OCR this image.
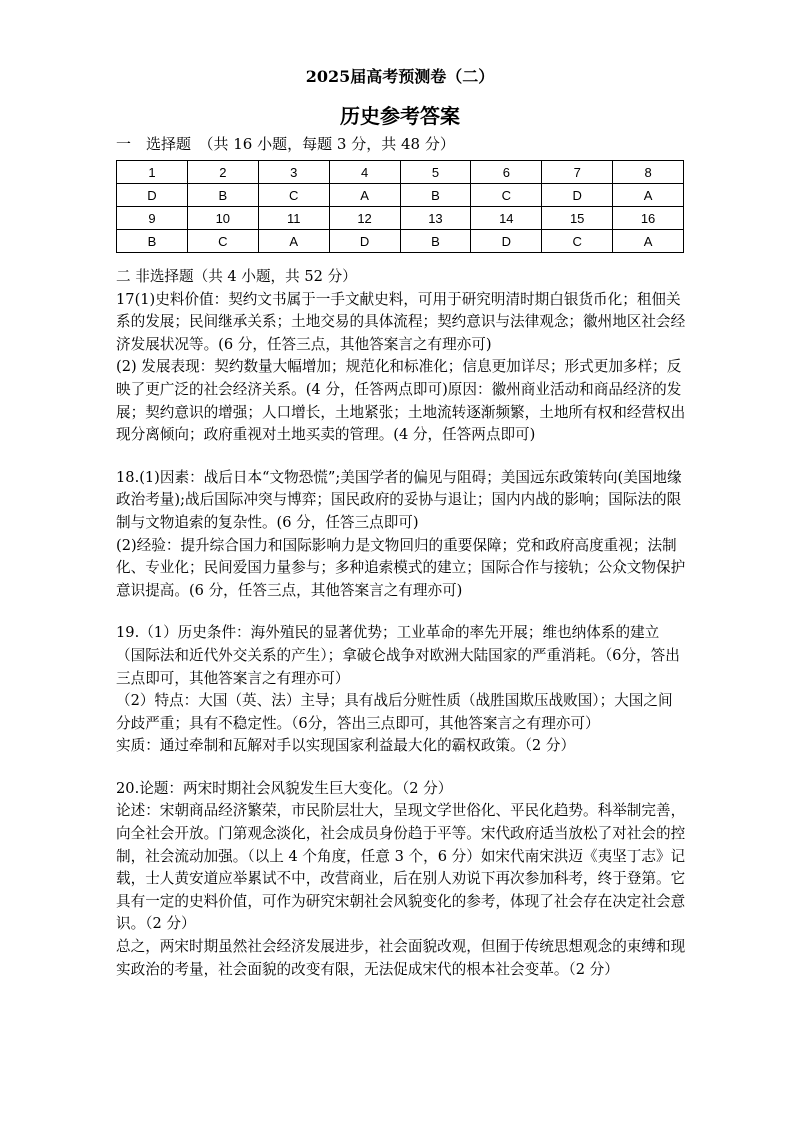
2025届高考预测卷（二）
历史参考答案
一　选择题　（共 16 小题，每题 3 分，共 48 分）
1	2	3	4	5	6	7	8
D	B	C	A	B	C	D	A
9	10	11	12	13	14	15	16
B	C	A	D	B	D	C	A

二 非选择题（共 4 小题，共 52 分）

17(1)史料价值：契约文书属于一手文献史料，可用于研究明清时期白银货币化；租佃关系的发展；民间继承关系；土地交易的具体流程；契约意识与法律观念；徽州地区社会经济发展状况等。(6 分，任答三点，其他答案言之有理亦可)

(2) 发展表现：契约数量大幅增加；规范化和标准化；信息更加详尽；形式更加多样；反映了更广泛的社会经济关系。(4 分，任答两点即可)原因：徽州商业活动和商品经济的发展；契约意识的增强；人口增长，土地紧张；土地流转逐渐频繁，土地所有权和经营权出现分离倾向；政府重视对土地买卖的管理。(4 分，任答两点即可)

18.(1)因素：战后日本“文物恐慌”;美国学者的偏见与阻碍；美国远东政策转向(美国地缘政治考量);战后国际冲突与博弈；国民政府的妥协与退让；国内内战的影响；国际法的限制与文物追索的复杂性。(6 分，任答三点即可)

(2)经验：提升综合国力和国际影响力是文物回归的重要保障；党和政府高度重视；法制化、专业化；民间爱国力量参与；多种追索模式的建立；国际合作与接轨；公众文物保护意识提高。(6 分，任答三点，其他答案言之有理亦可)

19.（1）历史条件：海外殖民的显著优势；工业革命的率先开展；维也纳体系的建立（国际法和近代外交关系的产生）；拿破仑战争对欧洲大陆国家的严重消耗。（6分，答出三点即可，其他答案言之有理亦可）

（2）特点：大国（英、法）主导；具有战后分赃性质（战胜国欺压战败国）；大国之间分歧严重；具有不稳定性。（6分，答出三点即可，其他答案言之有理亦可）

实质：通过牵制和瓦解对手以实现国家利益最大化的霸权政策。（2 分）

20.论题：两宋时期社会风貌发生巨大变化。（2 分）

论述：宋朝商品经济繁荣，市民阶层壮大，呈现文学世俗化、平民化趋势。科举制完善，向全社会开放。门第观念淡化，社会成员身份趋于平等。宋代政府适当放松了对社会的控制，社会流动加强。（以上 4 个角度，任意 3 个，6 分）如宋代南宋洪迈《夷坚丁志》记载，士人黄安道应举累试不中，改营商业，后在别人劝说下再次参加科考，终于登第。它具有一定的史料价值，可作为研究宋朝社会风貌变化的参考，体现了社会存在决定社会意识。（2 分）

总之，两宋时期虽然社会经济发展进步，社会面貌改观，但囿于传统思想观念的束缚和现实政治的考量，社会面貌的改变有限，无法促成宋代的根本社会变革。（2 分）
